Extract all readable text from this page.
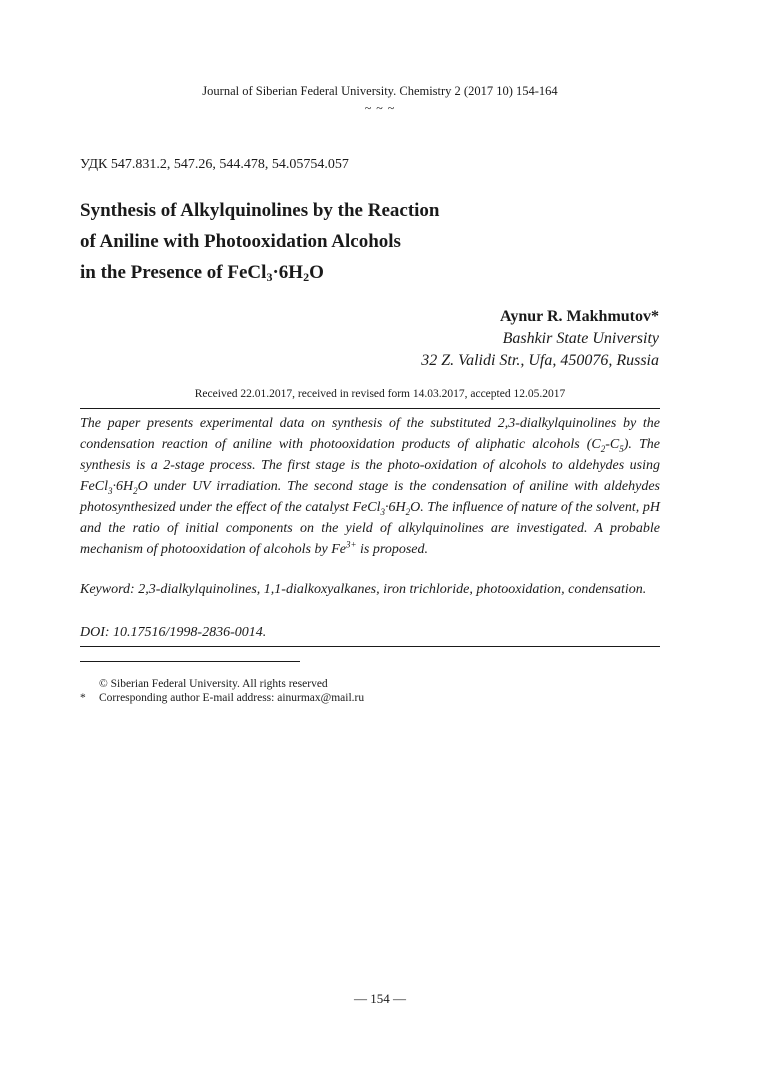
Journal of Siberian Federal University. Chemistry 2 (2017 10) 154-164
~ ~ ~
УДК 547.831.2, 547.26, 544.478, 54.05754.057
Synthesis of Alkylquinolines by the Reaction
of Aniline with Photooxidation Alcohols
in the Presence of $FeCl_3\cdot 6H_2O$
Aynur R. Makhmutov*
Bashkir State University
32 Z. Validi Str., Ufa, 450076, Russia
Received 22.01.2017, received in revised form 14.03.2017, accepted 12.05.2017
The paper presents experimental data on synthesis of the substituted 2,3-dialkylquinolines by the condensation reaction of aniline with photooxidation products of aliphatic alcohols $(C_2-C_5)$. The synthesis is a 2-stage process. The first stage is the photo-oxidation of alcohols to aldehydes using $FeCl_3\cdot 6H_2O$ under UV irradiation. The second stage is the condensation of aniline with aldehydes photosynthesized under the effect of the catalyst $FeCl_3\cdot 6H_2O$. The influence of nature of the solvent, pH and the ratio of initial components on the yield of alkylquinolines are investigated. A probable mechanism of photooxidation of alcohols by $Fe^{3+}$ is proposed.
Keyword: 2,3-dialkylquinolines, 1,1-dialkoxyalkanes, iron trichloride, photooxidation, condensation.
DOI: 10.17516/1998-2836-0014.
© Siberian Federal University. All rights reserved
* Corresponding author E-mail address: ainurmax@mail.ru
— 154 —
